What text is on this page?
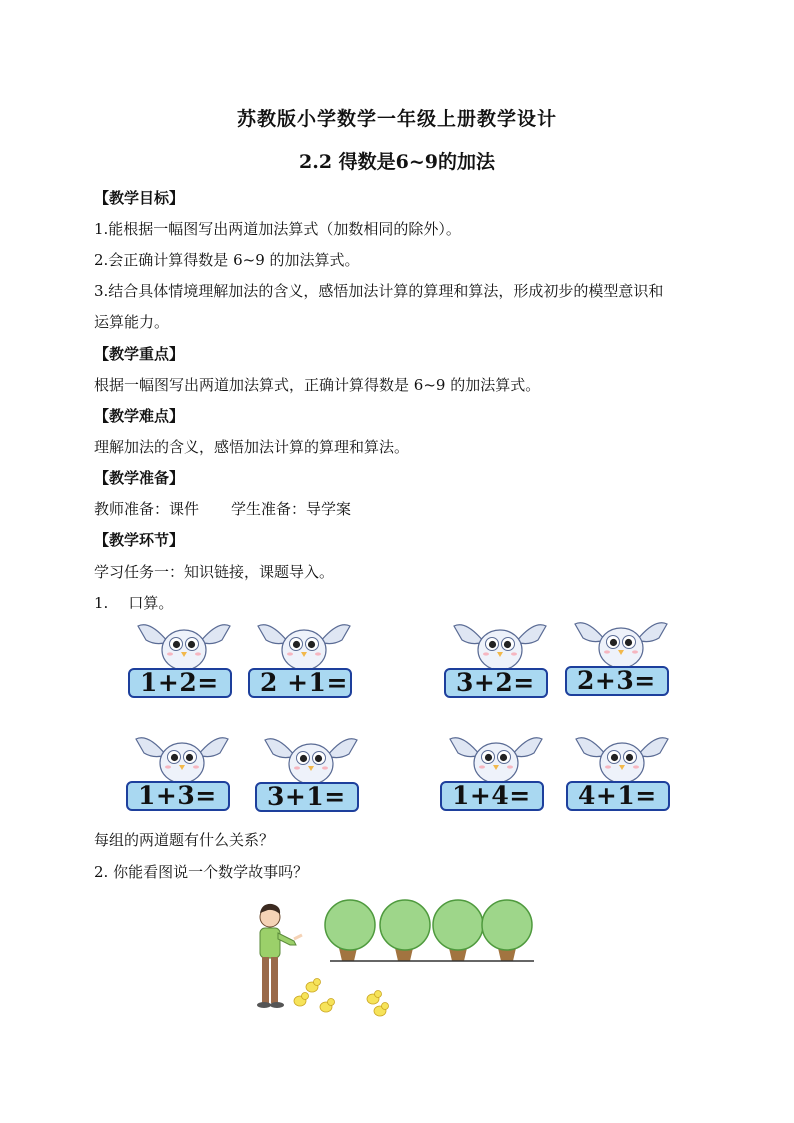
苏教版小学数学一年级上册教学设计
2.2 得数是6~9的加法
【教学目标】
1.能根据一幅图写出两道加法算式（加数相同的除外）。
2.会正确计算得数是 6~9 的加法算式。
3.结合具体情境理解加法的含义，感悟加法计算的算理和算法，形成初步的模型意识和
运算能力。
【教学重点】
根据一幅图写出两道加法算式，正确计算得数是 6~9 的加法算式。
【教学难点】
理解加法的含义，感悟加法计算的算理和算法。
【教学准备】
教师准备：课件 学生准备：导学案
【教学环节】
学习任务一：知识链接，课题导入。
1. 口算。
1+2= 2 +1=	3+2= 2+3=
1+3= 3+1=	1+4= 4+1=
每组的两道题有什么关系？
2. 你能看图说一个数学故事吗？
